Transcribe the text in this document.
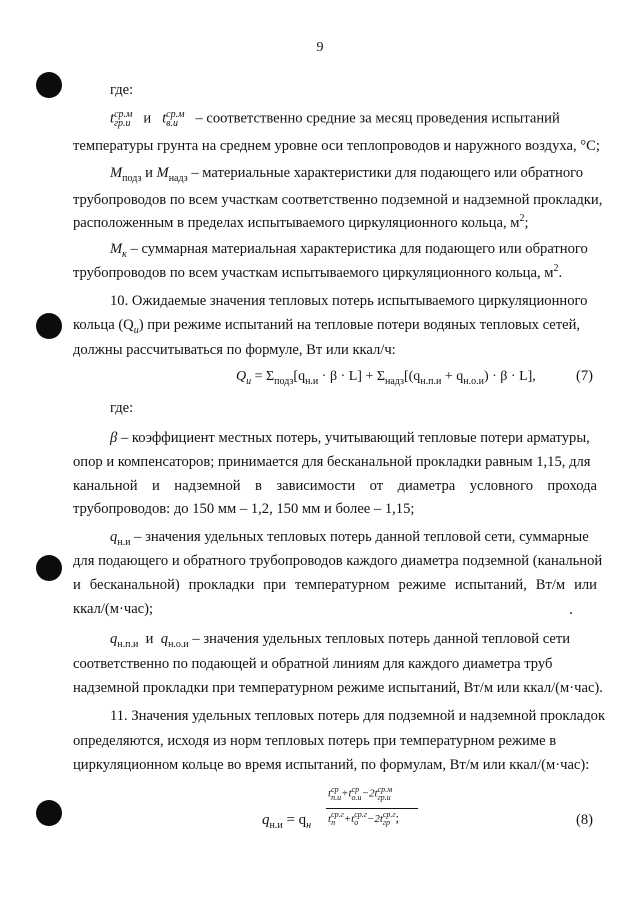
9
где:
t ср.м
гр.и и t ср.м
в.и	– соответственно средние за месяц проведения испытаний
температуры грунта на среднем уровне оси теплопроводов и наружного воздуха, °С;
$M_{подз}$ и $M_{надз}$ – материальные характеристики для подающего или обратного
трубопроводов по всем участкам соответственно подземной и надземной прокладки,
расположенным в пределах испытываемого циркуляционного кольца, $м^2$;
$M_к$ – суммарная материальная характеристика для подающего или обратного
трубопроводов по всем участкам испытываемого циркуляционного кольца, $м^2$.
10. Ожидаемые значения тепловых потерь испытываемого циркуляционного
кольца $(Q_и)$ при режиме испытаний на тепловые потери водяных тепловых сетей,
должны рассчитываться по формуле, Вт или ккал/ч:
$Q_и = \Sigma_{подз}[q_{н.и} \cdot \beta \cdot L] + \Sigma_{надз}[(q_{н.п.и} + q_{н.о.и}) \cdot \beta \cdot L]$,	(7)
где:
β – коэффициент местных потерь, учитывающий тепловые потери арматуры,
опор и компенсаторов; принимается для бесканальной прокладки равным 1,15, для
канальной и надземной в зависимости от диаметра условного прохода
трубопроводов: до 150 мм – 1,2, 150 мм и более – 1,15;
$q_{н.и}$ – значения удельных тепловых потерь данной тепловой сети, суммарные
для подающего и обратного трубопроводов каждого диаметра подземной (канальной
и бесканальной) прокладки при температурном режиме испытаний, Вт/м или
ккал/(м·час);
$q_{н.п.и}$ и $q_{н.о.и}$ – значения удельных тепловых потерь данной тепловой сети
соответственно по подающей и обратной линиям для каждого диаметра труб
надземной прокладки при температурном режиме испытаний, Вт/м или ккал/(м·час).
11. Значения удельных тепловых потерь для подземной и надземной прокладок
определяются, исходя из норм тепловых потерь при температурном режиме в
циркуляционном кольце во время испытаний, по формулам, Вт/м или ккал/(м·час):
$q_{н.и} = q_н$
t ср
п.и +t ср
о.и −2t ср.м
гр.и
t ср.г
п +t ср.г
о −2t ср.г
гр ;	(8)
